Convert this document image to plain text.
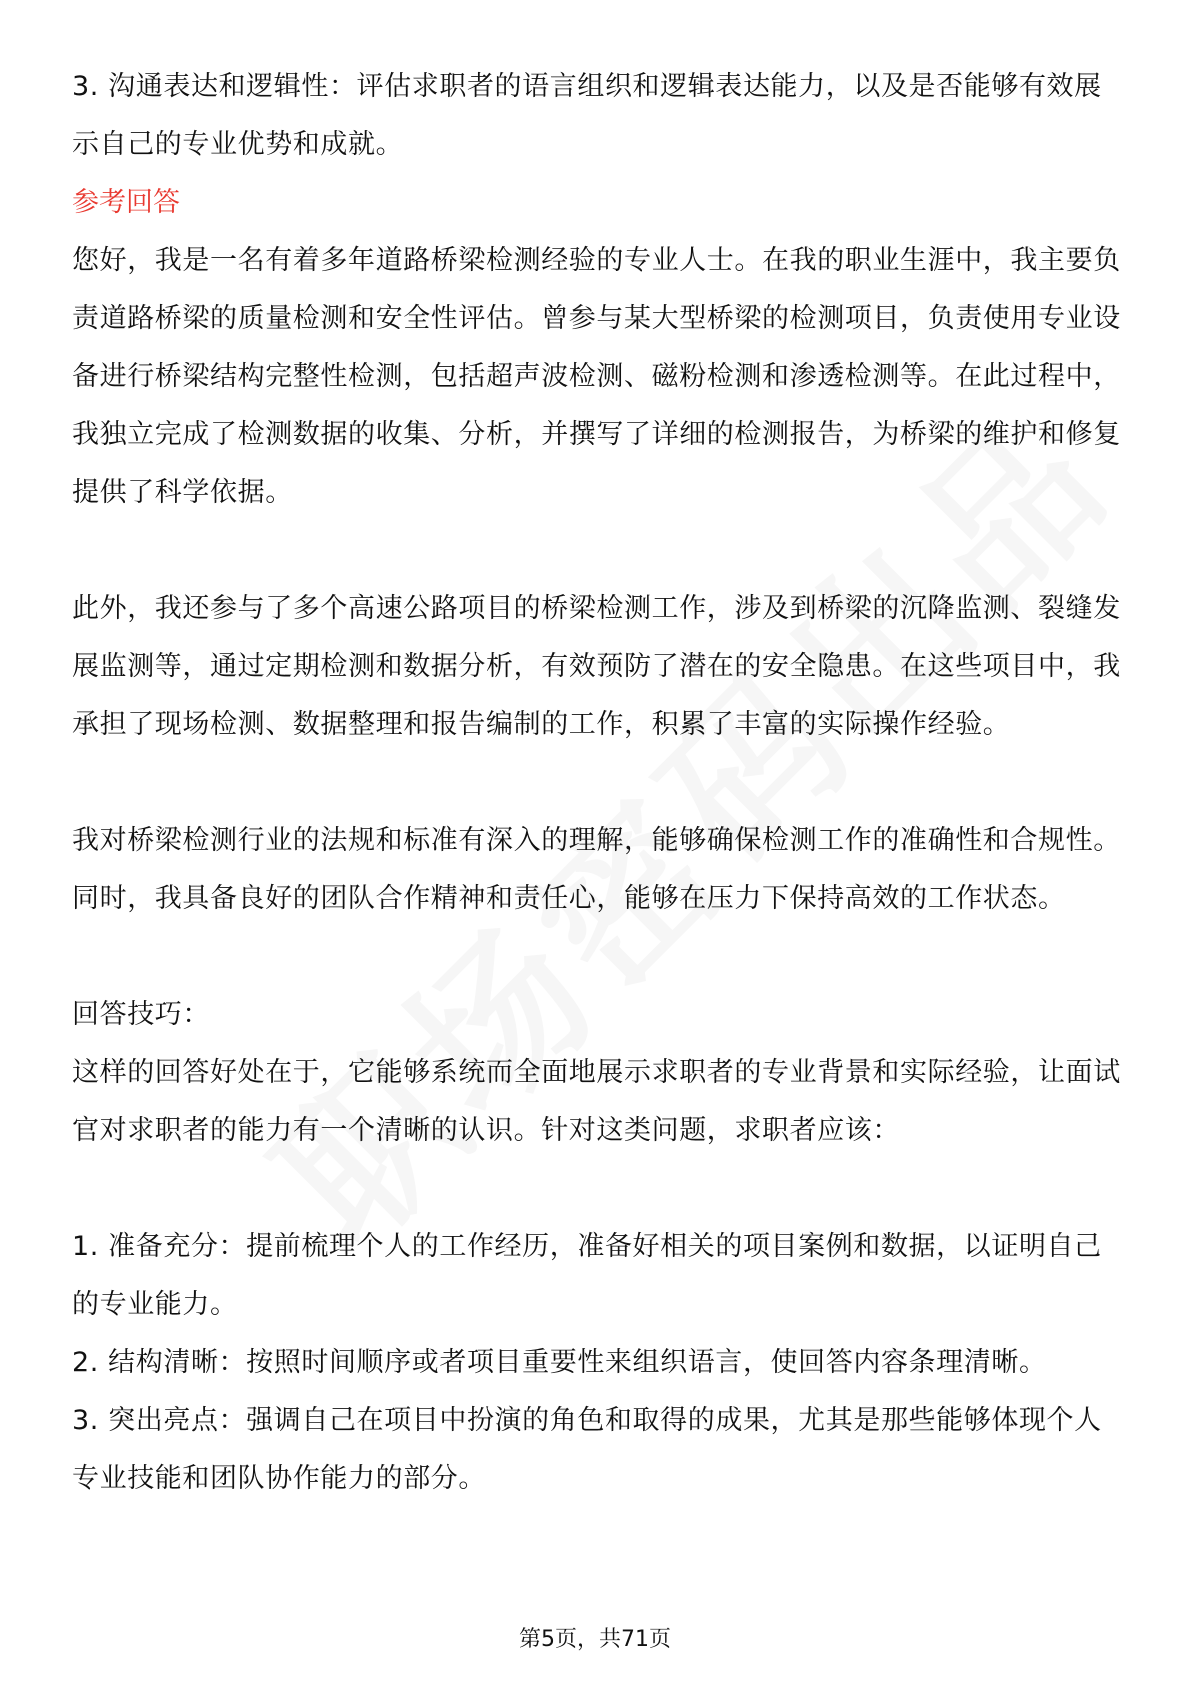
3. 沟通表达和逻辑性：评估求职者的语言组织和逻辑表达能力，以及是否能够有效展示自己的专业优势和成就。

参考回答

您好，我是一名有着多年道路桥梁检测经验的专业人士。在我的职业生涯中，我主要负责道路桥梁的质量检测和安全性评估。曾参与某大型桥梁的检测项目，负责使用专业设备进行桥梁结构完整性检测，包括超声波检测、磁粉检测和渗透检测等。在此过程中，我独立完成了检测数据的收集、分析，并撰写了详细的检测报告，为桥梁的维护和修复提供了科学依据。

此外，我还参与了多个高速公路项目的桥梁检测工作，涉及到桥梁的沉降监测、裂缝发展监测等，通过定期检测和数据分析，有效预防了潜在的安全隐患。在这些项目中，我承担了现场检测、数据整理和报告编制的工作，积累了丰富的实际操作经验。

我对桥梁检测行业的法规和标准有深入的理解，能够确保检测工作的准确性和合规性。同时，我具备良好的团队合作精神和责任心，能够在压力下保持高效的工作状态。

回答技巧：

这样的回答好处在于，它能够系统而全面地展示求职者的专业背景和实际经验，让面试官对求职者的能力有一个清晰的认识。针对这类问题，求职者应该：

1. 准备充分：提前梳理个人的工作经历，准备好相关的项目案例和数据，以证明自己的专业能力。

2. 结构清晰：按照时间顺序或者项目重要性来组织语言，使回答内容条理清晰。

3. 突出亮点：强调自己在项目中扮演的角色和取得的成果，尤其是那些能够体现个人专业技能和团队协作能力的部分。

第5页，共71页
